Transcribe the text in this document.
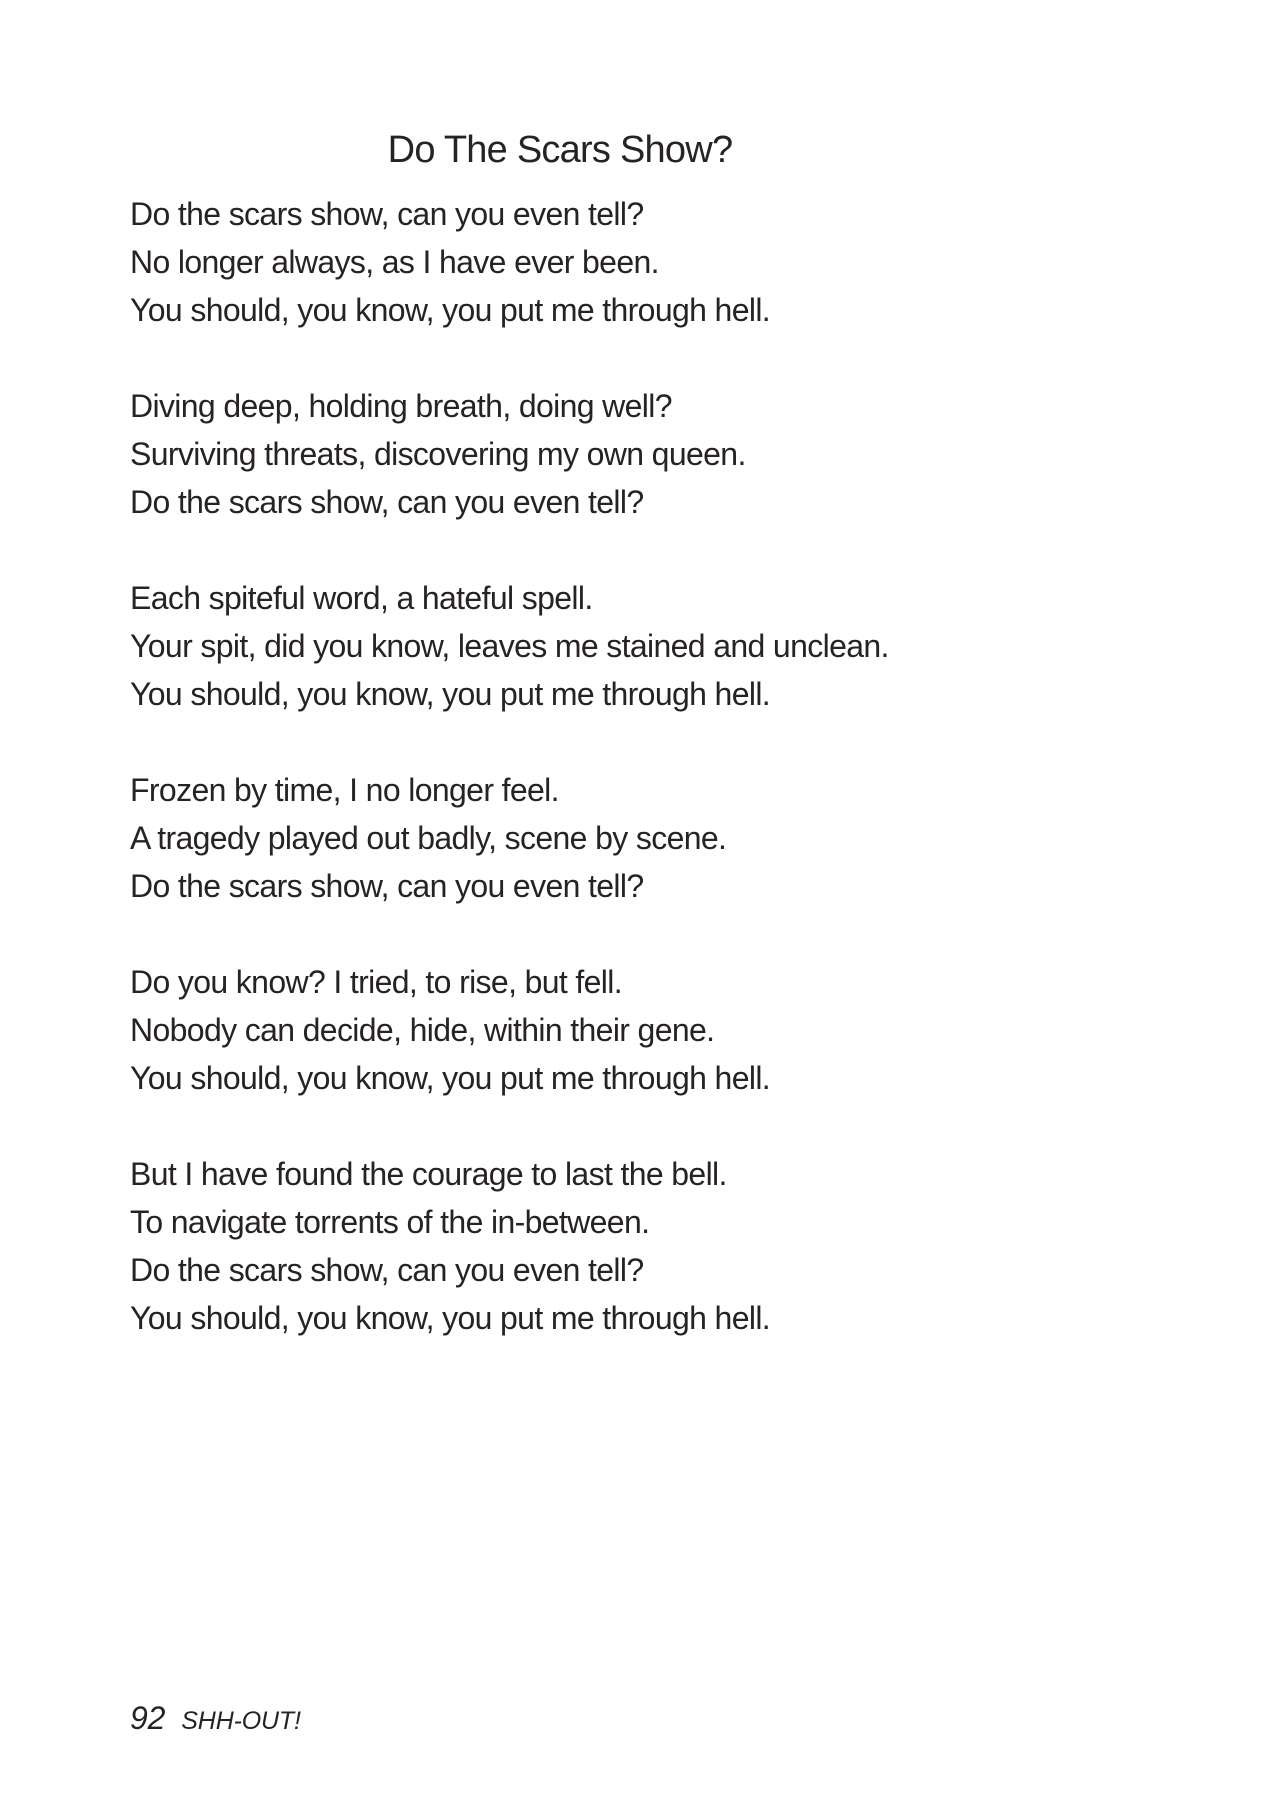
Do The Scars Show?
Do the scars show, can you even tell?
No longer always, as I have ever been.
You should, you know, you put me through hell.
Diving deep, holding breath, doing well?
Surviving threats, discovering my own queen.
Do the scars show, can you even tell?
Each spiteful word, a hateful spell.
Your spit, did you know, leaves me stained and unclean.
You should, you know, you put me through hell.
Frozen by time, I no longer feel.
A tragedy played out badly, scene by scene.
Do the scars show, can you even tell?
Do you know? I tried, to rise, but fell.
Nobody can decide, hide, within their gene.
You should, you know, you put me through hell.
But I have found the courage to last the bell.
To navigate torrents of the in-between.
Do the scars show, can you even tell?
You should, you know, you put me through hell.
92 SHH-OUT!
